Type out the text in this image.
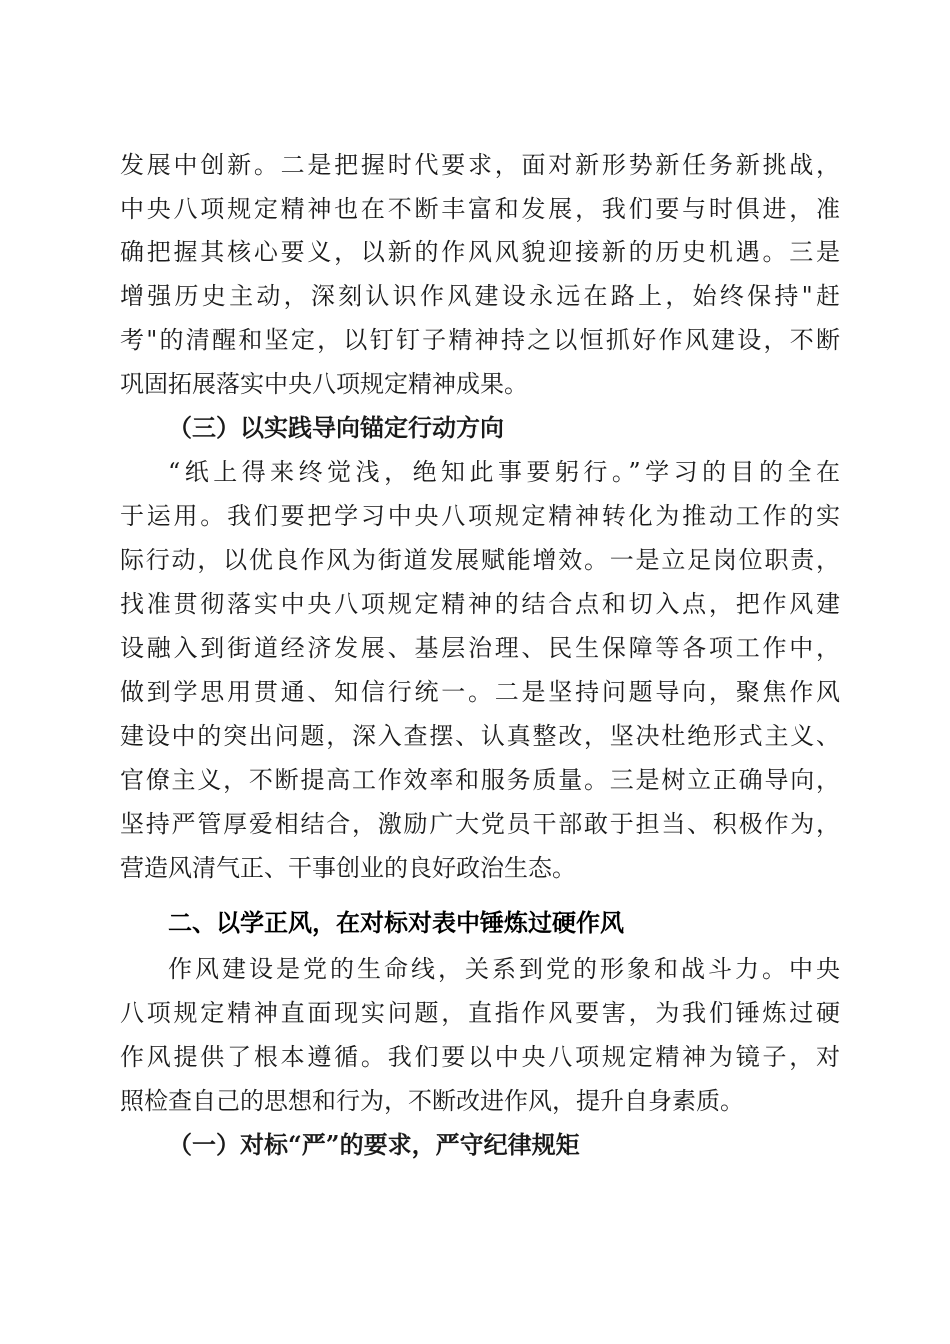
发展中创新。二是把握时代要求，面对新形势新任务新挑战，
中央八项规定精神也在不断丰富和发展，我们要与时俱进，准
确把握其核心要义，以新的作风风貌迎接新的历史机遇。三是
增强历史主动，深刻认识作风建设永远在路上，始终保持"赶
考"的清醒和坚定，以钉钉子精神持之以恒抓好作风建设，不断
巩固拓展落实中央八项规定精神成果。
（三）以实践导向锚定行动方向
“纸上得来终觉浅，绝知此事要躬行。”学习的目的全在
于运用。我们要把学习中央八项规定精神转化为推动工作的实
际行动，以优良作风为街道发展赋能增效。一是立足岗位职责，
找准贯彻落实中央八项规定精神的结合点和切入点，把作风建
设融入到街道经济发展、基层治理、民生保障等各项工作中，
做到学思用贯通、知信行统一。二是坚持问题导向，聚焦作风
建设中的突出问题，深入查摆、认真整改，坚决杜绝形式主义、
官僚主义，不断提高工作效率和服务质量。三是树立正确导向，
坚持严管厚爱相结合，激励广大党员干部敢于担当、积极作为，
营造风清气正、干事创业的良好政治生态。
二、以学正风，在对标对表中锤炼过硬作风
作风建设是党的生命线，关系到党的形象和战斗力。中央
八项规定精神直面现实问题，直指作风要害，为我们锤炼过硬
作风提供了根本遵循。我们要以中央八项规定精神为镜子，对
照检查自己的思想和行为，不断改进作风，提升自身素质。
（一）对标“严”的要求，严守纪律规矩
